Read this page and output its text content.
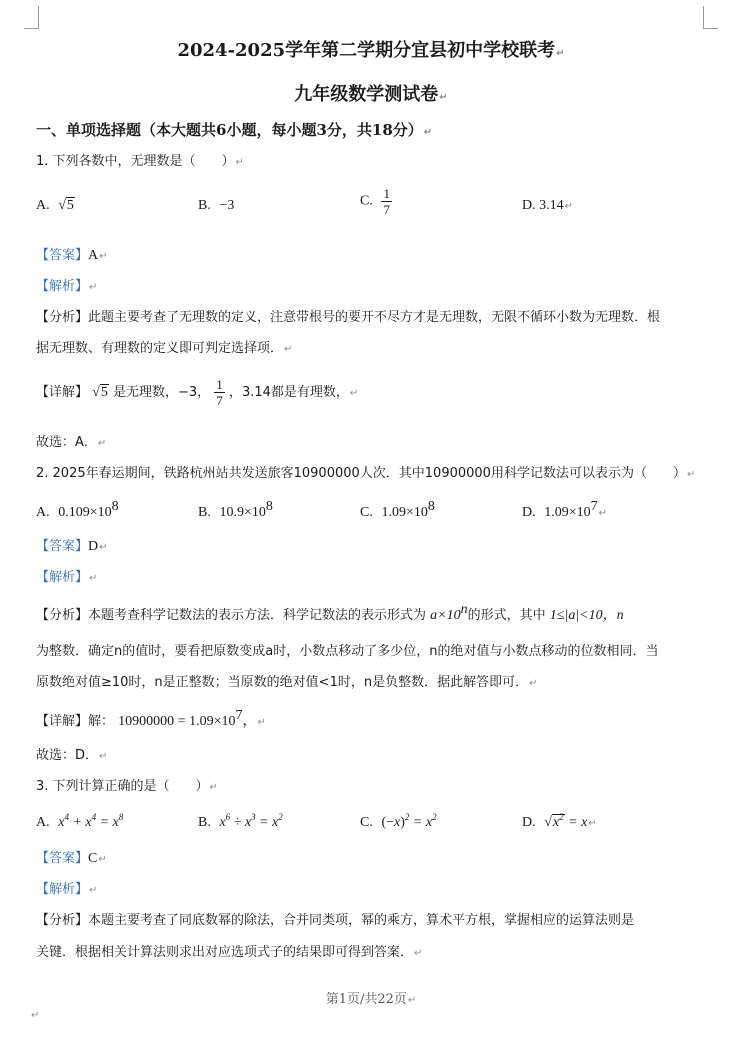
2024-2025学年第二学期分宜县初中学校联考↵
九年级数学测试卷↵
一、单项选择题（本大题共6小题，每小题3分，共18分）↵
1. 下列各数中，无理数是（　　）↵
A. √5	B. −3	C. $\frac{1}{7}$	D. 3.14↵
【答案】A↵
【解析】↵
【分析】此题主要考查了无理数的定义，注意带根号的要开不尽方才是无理数，无限不循环小数为无理数．根
据无理数、有理数的定义即可判定选择项．↵
【详解】 √5 是无理数，−3， $\frac{1}{7}$ ，3.14都是有理数，↵
故选：A．↵
2. 2025年春运期间，铁路杭州站共发送旅客10900000人次．其中10900000用科学记数法可以表示为（　　）↵
A. $0.109\times 10^8$	B. $10.9\times 10^8$	C. $1.09\times 10^8$	D. $1.09\times 10^7↵$
【答案】D↵
【解析】↵
【分析】本题考查科学记数法的表示方法．科学记数法的表示形式为 $a\times 10^n$的形式，其中 1≤|a|<10，n
为整数．确定n的值时，要看把原数变成a时，小数点移动了多少位，n的绝对值与小数点移动的位数相同．当
原数绝对值≥10时，n是正整数；当原数的绝对值<1时，n是负整数．据此解答即可．↵
【详解】解： $10900000 = 1.09\times 10^7$，↵
故选：D．↵
3. 下列计算正确的是（　　）↵
A. $x^4 + x^4 = x^8$	B. $x^6 \div x^3 = x^2$	C. $(-x)^2 = x^2$	D. $√x^2$ = x↵
【答案】C↵
【解析】↵
【分析】本题主要考查了同底数幂的除法，合并同类项，幂的乘方，算术平方根，掌握相应的运算法则是
关键．根据相关计算法则求出对应选项式子的结果即可得到答案．↵
第1页/共22页↵
↵
